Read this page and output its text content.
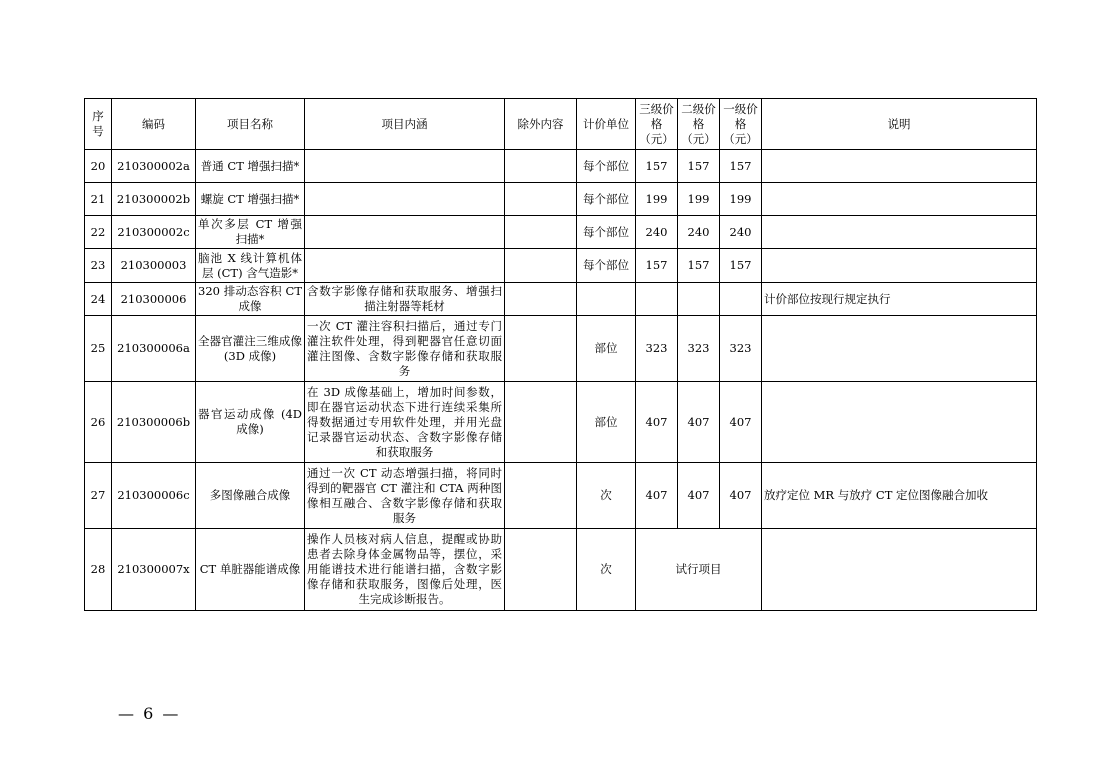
序号	编码	项目名称	项目内涵	除外内容	计价单位	三级价格（元）	二级价格（元）	一级价格（元）	说明
20	210300002a	普通 CT 增强扫描*			每个部位	157	157	157	
21	210300002b	螺旋 CT 增强扫描*			每个部位	199	199	199	
22	210300002c	单次多层 CT 增强扫描*			每个部位	240	240	240	
23	210300003	脑池 X 线计算机体层 (CT) 含气造影*			每个部位	157	157	157	
24	210300006	320 排动态容积 CT 成像	含数字影像存储和获取服务、增强扫描注射器等耗材						计价部位按现行规定执行
25	210300006a	全器官灌注三维成像(3D 成像)	一次 CT 灌注容积扫描后，通过专门灌注软件处理，得到靶器官任意切面灌注图像、含数字影像存储和获取服务		部位	323	323	323	
26	210300006b	器官运动成像 (4D 成像)	在 3D 成像基础上，增加时间参数，即在器官运动状态下进行连续采集所得数据通过专用软件处理，并用光盘记录器官运动状态、含数字影像存储和获取服务		部位	407	407	407	
27	210300006c	多图像融合成像	通过一次 CT 动态增强扫描，将同时得到的靶器官 CT 灌注和 CTA 两种图像相互融合、含数字影像存储和获取服务		次	407	407	407	放疗定位 MR 与放疗 CT 定位图像融合加收
28	210300007x	CT 单脏器能谱成像	操作人员核对病人信息，提醒或协助患者去除身体金属物品等，摆位，采用能谱技术进行能谱扫描，含数字影像存储和获取服务，图像后处理，医生完成诊断报告。		次	试行项目			
— 6 —
